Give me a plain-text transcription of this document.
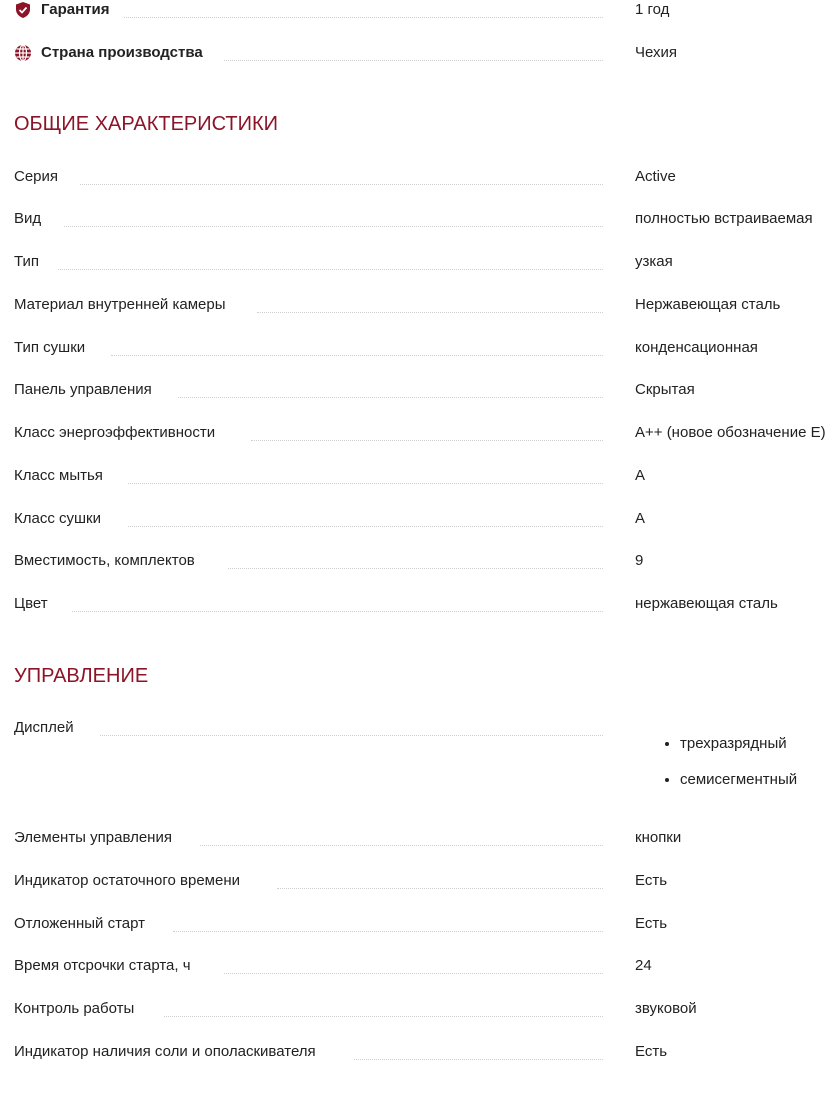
Гарантия	1 год
Страна производства	Чехия
ОБЩИЕ ХАРАКТЕРИСТИКИ
Серия	Active
Вид	полностью встраиваемая
Тип	узкая
Материал внутренней камеры	Нержавеющая сталь
Тип сушки	конденсационная
Панель управления	Скрытая
Класс энергоэффективности	A++ (новое обозначение E)
Класс мытья	A
Класс сушки	A
Вместимость, комплектов	9
Цвет	нержавеющая сталь
УПРАВЛЕНИЕ
Дисплей
• трехразрядный
• семисегментный
Элементы управления	кнопки
Индикатор остаточного времени	Есть
Отложенный старт	Есть
Время отсрочки старта, ч	24
Контроль работы	звуковой
Индикатор наличия соли и ополаскивателя	Есть
